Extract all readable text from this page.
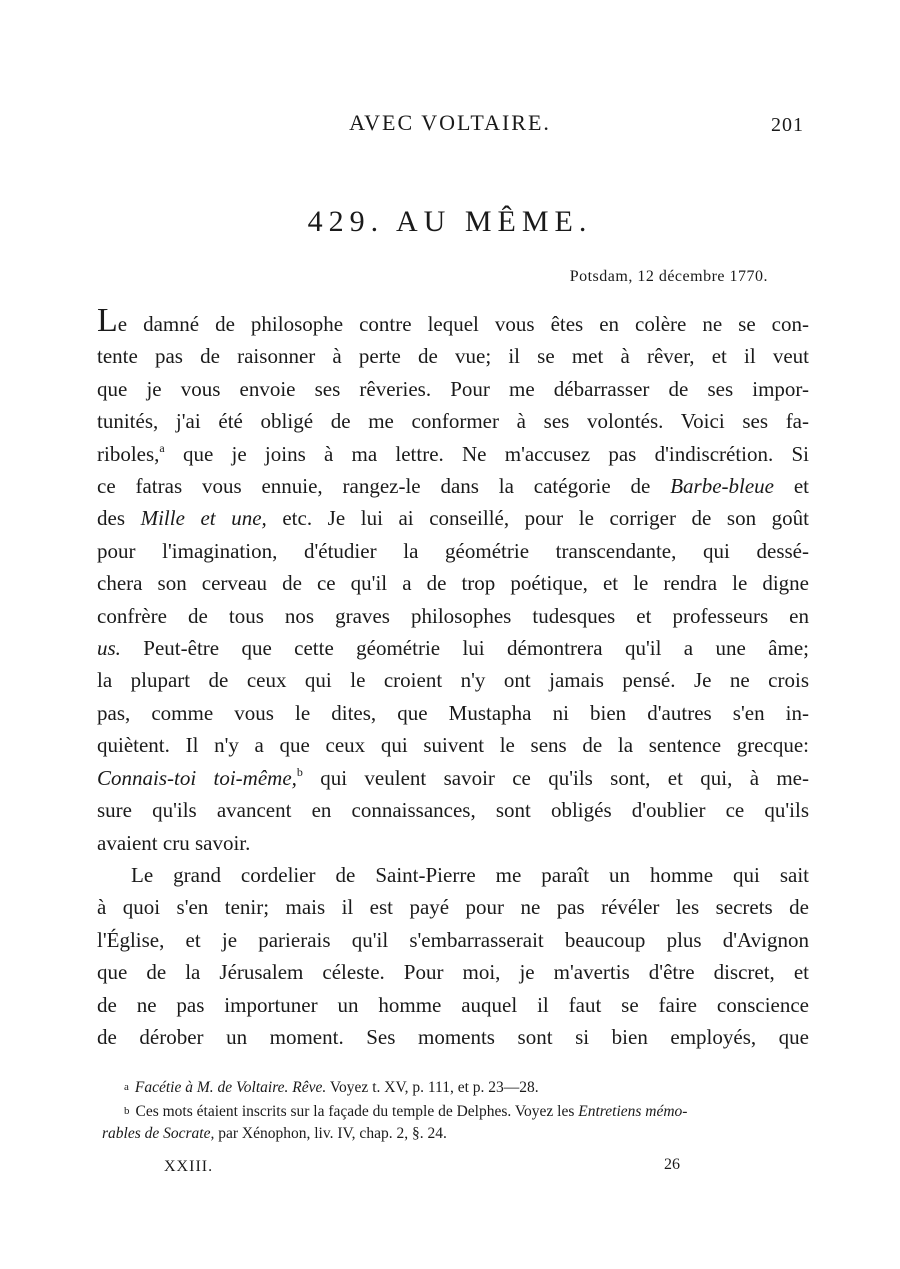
AVEC VOLTAIRE.	201
429. AU MÊME.
Potsdam, 12 décembre 1770.

Le damné de philosophe contre lequel vous êtes en colère ne se con-
tente pas de raisonner à perte de vue; il se met à rêver, et il veut
que je vous envoie ses rêveries. Pour me débarrasser de ses impor-
tunités, j'ai été obligé de me conformer à ses volontés. Voici ses fa-
riboles,$^a$ que je joins à ma lettre. Ne m'accusez pas d'indiscrétion. Si
ce fatras vous ennuie, rangez-le dans la catégorie de Barbe-bleue et
des Mille et une, etc. Je lui ai conseillé, pour le corriger de son goût
pour l'imagination, d'étudier la géométrie transcendante, qui dessé-
chera son cerveau de ce qu'il a de trop poétique, et le rendra le digne
confrère de tous nos graves philosophes tudesques et professeurs en
us. Peut-être que cette géométrie lui démontrera qu'il a une âme;
la plupart de ceux qui le croient n'y ont jamais pensé. Je ne crois
pas, comme vous le dites, que Mustapha ni bien d'autres s'en in-
quiètent. Il n'y a que ceux qui suivent le sens de la sentence grecque:
Connais-toi toi-même,$^b$ qui veulent savoir ce qu'ils sont, et qui, à me-
sure qu'ils avancent en connaissances, sont obligés d'oublier ce qu'ils
avaient cru savoir.

Le grand cordelier de Saint-Pierre me paraît un homme qui sait
à quoi s'en tenir; mais il est payé pour ne pas révéler les secrets de
l'Église, et je parierais qu'il s'embarrasserait beaucoup plus d'Avignon
que de la Jérusalem céleste. Pour moi, je m'avertis d'être discret, et
de ne pas importuner un homme auquel il faut se faire conscience
de dérober un moment. Ses moments sont si bien employés, que

a Facétie à M. de Voltaire. Rêve. Voyez t. XV, p. 111, et p. 23—28.

b Ces mots étaient inscrits sur la façade du temple de Delphes. Voyez les Entretiens mémo-
rables de Socrate, par Xénophon, liv. IV, chap. 2, §. 24.

XXIII.	26
